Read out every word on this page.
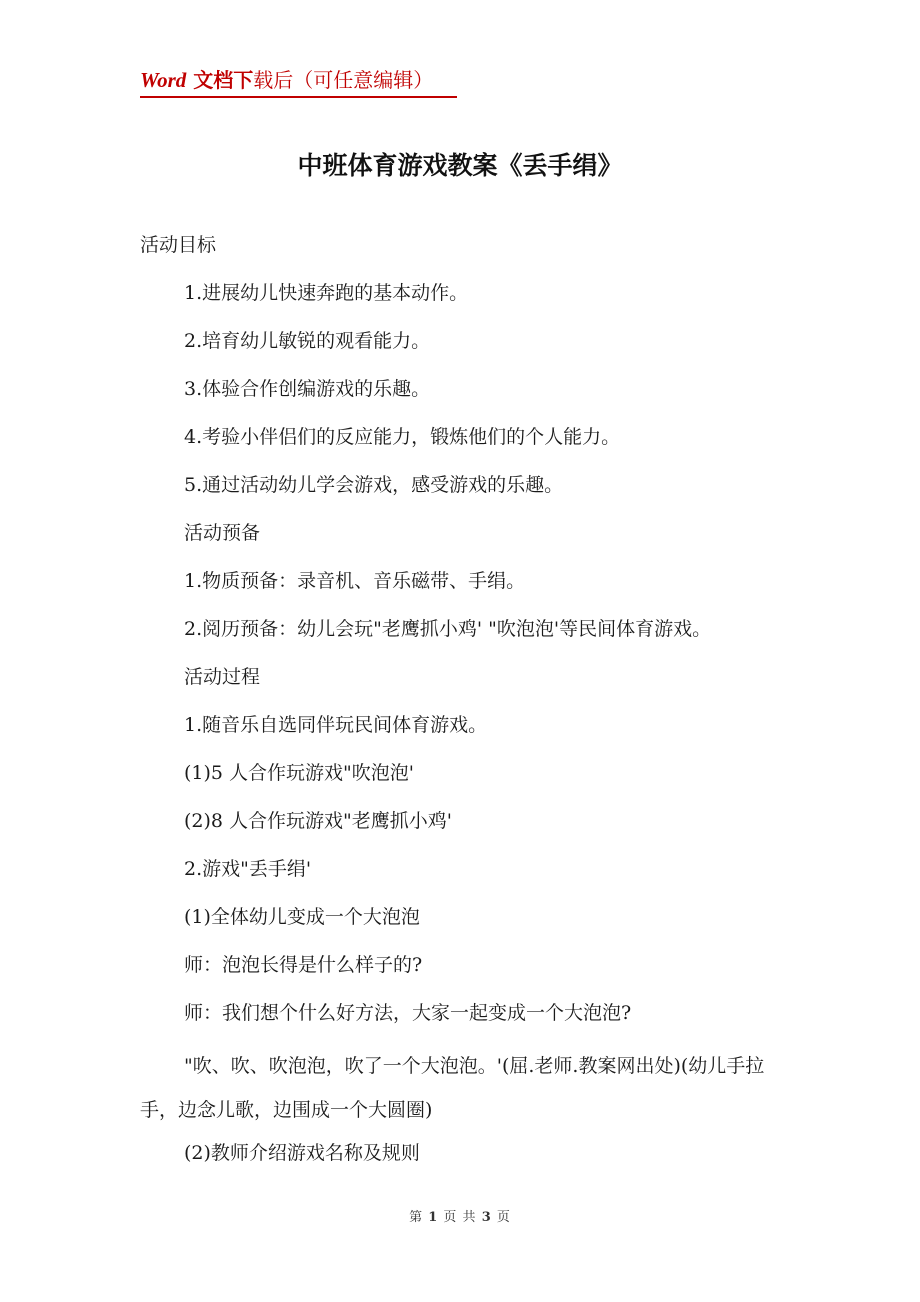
Word 文档下载后（可任意编辑）
中班体育游戏教案《丢手绢》
活动目标
1.进展幼儿快速奔跑的基本动作。
2.培育幼儿敏锐的观看能力。
3.体验合作创编游戏的乐趣。
4.考验小伴侣们的反应能力，锻炼他们的个人能力。
5.通过活动幼儿学会游戏，感受游戏的乐趣。
活动预备
1.物质预备：录音机、音乐磁带、手绢。
2.阅历预备：幼儿会玩"老鹰抓小鸡' "吹泡泡'等民间体育游戏。
活动过程
1.随音乐自选同伴玩民间体育游戏。
(1)5 人合作玩游戏"吹泡泡'
(2)8 人合作玩游戏"老鹰抓小鸡'
2.游戏"丢手绢'
(1)全体幼儿变成一个大泡泡
师：泡泡长得是什么样子的?
师：我们想个什么好方法，大家一起变成一个大泡泡?
"吹、吹、吹泡泡，吹了一个大泡泡。'(屈.老师.教案网出处)(幼儿手拉手，边念儿歌，边围成一个大圆圈)
(2)教师介绍游戏名称及规则
第 1 页 共 3 页
